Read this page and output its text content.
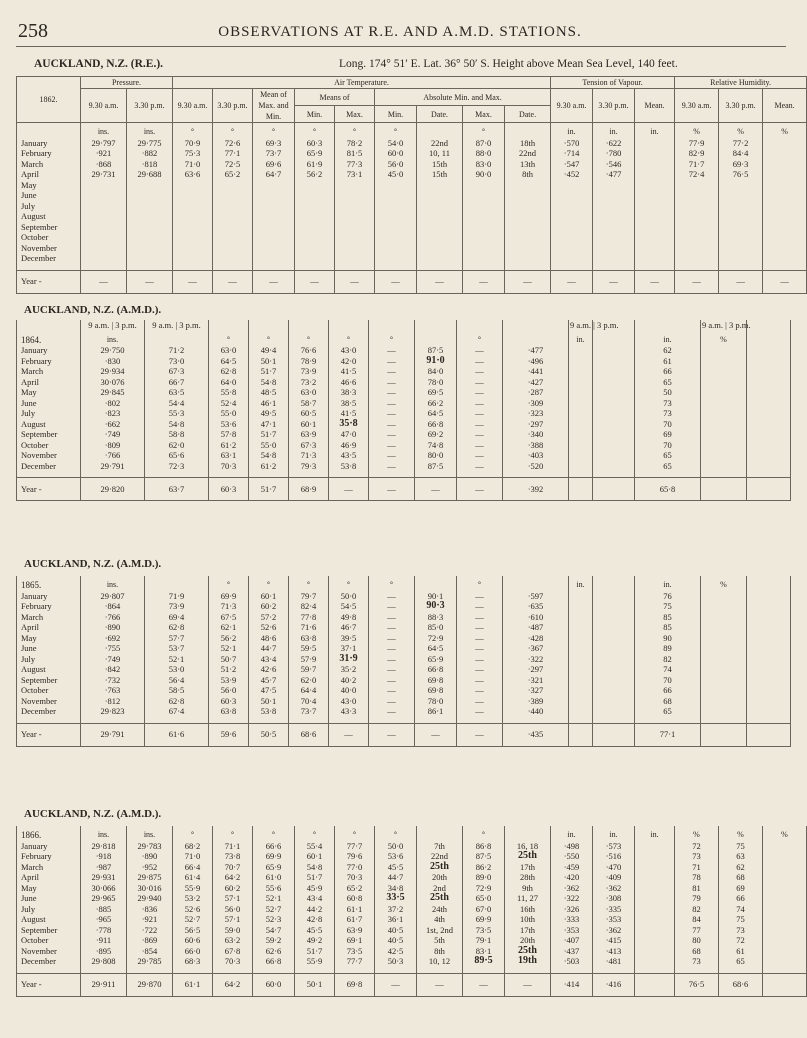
258	OBSERVATIONS AT R.E. AND A.M.D. STATIONS.
AUCKLAND, N.Z. (R.E.).	Long. 174° 51′ E. Lat. 36° 50′ S. Height above Mean Sea Level, 140 feet.
1862.	Pressure.		Air Temperature.									Tension of Vapour.			Relative Humidity.		
	9.30 a.m.	3.30 p.m.	9.30 a.m.	3.30 p.m.	Mean of Max. and Min.	Means of		Absolute Min. and Max.				9.30 a.m.	3.30 p.m.	Mean.	9.30 a.m.	3.30 p.m.	Mean.
						Min.	Max.	Min.	Date.	Max.	Date.						
	ins.	ins.	°	°	°	°	°	°		°		in.	in.	in.	%	%	%
January	29·797	29·775	70·9	72·6	69·3	60·3	78·2	54·0	22nd	87·0	18th	·570	·622		77·9	77·2	
February	·921	·882	75·3	77·1	73·7	65·9	81·5	60·0	10, 11	88·0	22nd	·714	·780		82·9	84·4	
March	·868	·818	71·0	72·5	69·6	61·9	77·3	56·0	15th	83·0	13th	·547	·546		71·7	69·3	
April	29·731	29·688	63·6	65·2	64·7	56·2	73·1	45·0	15th	90·0	8th	·452	·477		72·4	76·5	
May																	
June																	
July																	
August																	
September																	
October																	
November																	
December																	

Year -	—	—	—	—	—	—	—	—	—	—	—	—	—	—	—	—	—
AUCKLAND, N.Z. (A.M.D.).
	9 a.m. | 3 p.m.	9 a.m. | 3 p.m.									9 a.m. | 3 p.m.			9 a.m. | 3 p.m.		
1864.	ins.		°	°	°	°	°		°		in.		in.	%		
January	29·750	71·2	63·0	49·4	76·6	43·0	—	87·5	—	·477			62			
February	·830	73·0	64·5	50·1	78·9	42·0	—	91·0	—	·496			61			
March	29·934	67·3	62·8	51·7	73·9	41·5	—	84·0	—	·441			66			
April	30·076	66·7	64·0	54·8	73·2	46·6	—	78·0	—	·427			65			
May	29·845	63·5	55·8	48·5	63·0	38·3	—	69·5	—	·287			50			
June	·802	54·4	52·4	46·1	58·7	38·5	—	66·2	—	·309			73			
July	·823	55·3	55·0	49·5	60·5	41·5	—	64·5	—	·323			73			
August	·662	54·8	53·6	47·1	60·1	35·8	—	66·8	—	·297			70			
September	·749	58·8	57·8	51·7	63·9	47·0	—	69·2	—	·340			69			
October	·809	62·0	61·2	55·0	67·3	46·9	—	74·8	—	·388			70			
November	·766	65·6	63·1	54·8	71·3	43·5	—	80·0	—	·403			65			
December	29·791	72·3	70·3	61·2	79·3	53·8	—	87·5	—	·520			65			

Year -	29·820	63·7	60·3	51·7	68·9	—	—	—	—	·392			65·8			
AUCKLAND, N.Z. (A.M.D.).
1865.	ins.		°	°	°	°	°		°		in.		in.	%		
January	29·807	71·9	69·9	60·1	79·7	50·0	—	90·1	—	·597			76			
February	·864	73·9	71·3	60·2	82·4	54·5	—	90·3	—	·635			75			
March	·766	69·4	67·5	57·2	77·8	49·8	—	88·3	—	·610			85			
April	·890	62·8	62·1	52·6	71·6	46·7	—	85·0	—	·487			85			
May	·692	57·7	56·2	48·6	63·8	39·5	—	72·9	—	·428			90			
June	·755	53·7	52·1	44·7	59·5	37·1	—	64·5	—	·367			89			
July	·749	52·1	50·7	43·4	57·9	31·9	—	65·9	—	·322			82			
August	·842	53·0	51·2	42·6	59·7	35·2	—	66·8	—	·297			74			
September	·732	56·4	53·9	45·7	62·0	40·2	—	69·8	—	·321			70			
October	·763	58·5	56·0	47·5	64·4	40·0	—	69·8	—	·327			66			
November	·812	62·8	60·3	50·1	70·4	43·0	—	78·0	—	·389			68			
December	29·823	67·4	63·8	53·8	73·7	43·3	—	86·1	—	·440			65			

Year -	29·791	61·6	59·6	50·5	68·6	—	—	—	—	·435			77·1			
AUCKLAND, N.Z. (A.M.D.).
1866.	ins.	ins.	°	°	°	°	°	°		°		in.	in.	in.	%	%	%
January	29·818	29·783	68·2	71·1	66·6	55·4	77·7	50·0	7th	86·8	16, 18	·498	·573		72	75	
February	·918	·890	71·0	73·8	69·9	60·1	79·6	53·6	22nd	87·5	25th	·550	·516		73	63	
March	·987	·952	66·4	70·7	65·9	54·8	77·0	45·5	25th	86·2	17th	·459	·470		71	62	
April	29·931	29·875	61·4	64·2	61·0	51·7	70·3	44·7	20th	89·0	28th	·420	·409		78	68	
May	30·066	30·016	55·9	60·2	55·6	45·9	65·2	34·8	2nd	72·9	9th	·362	·362		81	69	
June	29·965	29·940	53·2	57·1	52·1	43·4	60·8	33·5	25th	65·0	11, 27	·322	·308		79	66	
July	·885	·836	52·6	56·0	52·7	44·2	61·1	37·2	24th	67·0	16th	·326	·335		82	74	
August	·965	·921	52·7	57·1	52·3	42·8	61·7	36·1	4th	69·9	10th	·333	·353		84	75	
September	·778	·722	56·5	59·0	54·7	45·5	63·9	40·5	1st, 2nd	73·5	17th	·353	·362		77	73	
October	·911	·869	60·6	63·2	59·2	49·2	69·1	40·5	5th	79·1	20th	·407	·415		80	72	
November	·895	·854	66·0	67·8	62·6	51·7	73·5	42·5	8th	83·1	25th	·437	·413		68	61	
December	29·808	29·785	68·3	70·3	66·8	55·9	77·7	50·3	10, 12	89·5	19th	·503	·481		73	65	

Year -	29·911	29·870	61·1	64·2	60·0	50·1	69·8	—	—	—	—	·414	·416		76·5	68·6	
